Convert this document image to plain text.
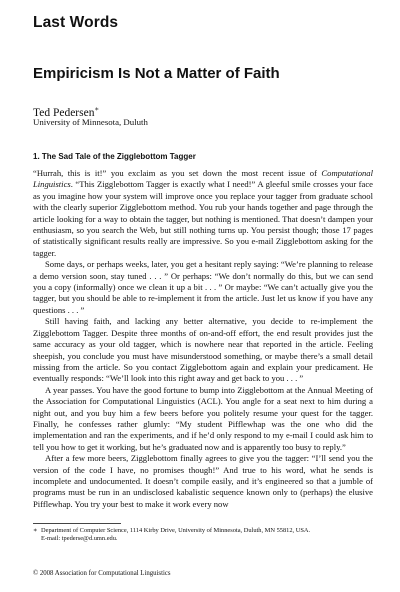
Last Words
Empiricism Is Not a Matter of Faith
Ted Pedersen∗
University of Minnesota, Duluth
1. The Sad Tale of the Zigglebottom Tagger

“Hurrah, this is it!” you exclaim as you set down the most recent issue of Computational Linguistics. “This Zigglebottom Tagger is exactly what I need!” A gleeful smile crosses your face as you imagine how your system will improve once you replace your tagger from graduate school with the clearly superior Zigglebottom method. You rub your hands together and page through the article looking for a way to obtain the tagger, but nothing is mentioned. That doesn’t dampen your enthusiasm, so you search the Web, but still nothing turns up. You persist though; those 17 pages of statistically significant results really are impressive. So you e-mail Zigglebottom asking for the tagger.

Some days, or perhaps weeks, later, you get a hesitant reply saying: “We’re planning to release a demo version soon, stay tuned . . . ” Or perhaps: “We don’t normally do this, but we can send you a copy (informally) once we clean it up a bit . . . ” Or maybe: “We can’t actually give you the tagger, but you should be able to re-implement it from the article. Just let us know if you have any questions . . . ”

Still having faith, and lacking any better alternative, you decide to re-implement the Zigglebottom Tagger. Despite three months of on-and-off effort, the end result provides just the same accuracy as your old tagger, which is nowhere near that reported in the article. Feeling sheepish, you conclude you must have misunderstood something, or maybe there’s a small detail missing from the article. So you contact Zigglebottom again and explain your predicament. He eventually responds: “We’ll look into this right away and get back to you . . . ”

A year passes. You have the good fortune to bump into Zigglebottom at the Annual Meeting of the Association for Computational Linguistics (ACL). You angle for a seat next to him during a night out, and you buy him a few beers before you politely resume your quest for the tagger. Finally, he confesses rather glumly: “My student Pifflewhap was the one who did the implementation and ran the experiments, and if he’d only respond to my e-mail I could ask him to tell you how to get it working, but he’s graduated now and is apparently too busy to reply.”

After a few more beers, Zigglebottom finally agrees to give you the tagger: “I’ll send you the version of the code I have, no promises though!” And true to his word, what he sends is incomplete and undocumented. It doesn’t compile easily, and it’s engineered so that a jumble of programs must be run in an undisclosed kabalistic sequence known only to (perhaps) the elusive Pifflewhap. You try your best to make it work every now

∗ Department of Computer Science, 1114 Kirby Drive, University of Minnesota, Duluth, MN 55812, USA.
E-mail: tpederse@d.umn.edu.
© 2008 Association for Computational Linguistics
